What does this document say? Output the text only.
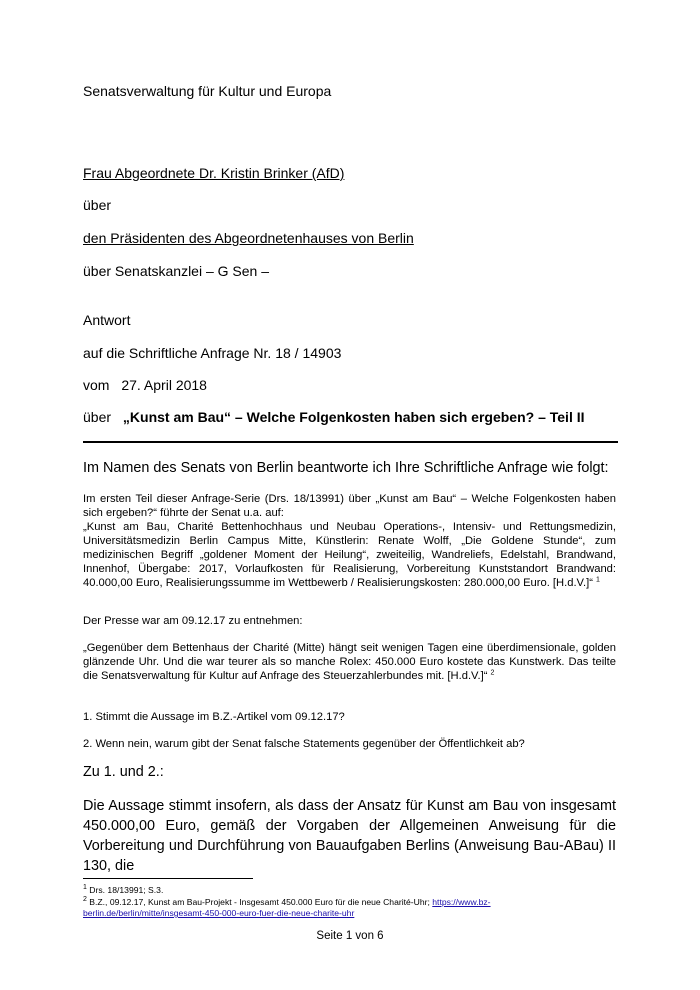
Senatsverwaltung für Kultur und Europa
Frau Abgeordnete Dr. Kristin Brinker (AfD)
über
den Präsidenten des Abgeordnetenhauses von Berlin
über Senatskanzlei – G Sen –
Antwort
auf die Schriftliche Anfrage Nr. 18 / 14903
vom 27. April 2018
über „Kunst am Bau“ – Welche Folgenkosten haben sich ergeben? – Teil II
Im Namen des Senats von Berlin beantworte ich Ihre Schriftliche Anfrage wie folgt:
Im ersten Teil dieser Anfrage-Serie (Drs. 18/13991) über „Kunst am Bau“ – Welche Folgenkosten haben sich ergeben?“ führte der Senat u.a. auf:
„Kunst am Bau, Charité Bettenhochhaus und Neubau Operations-, Intensiv- und Rettungsmedizin, Universitätsmedizin Berlin Campus Mitte, Künstlerin: Renate Wolff, „Die Goldene Stunde“, zum medizinischen Begriff „goldener Moment der Heilung“, zweiteilig, Wandreliefs, Edelstahl, Brandwand, Innenhof, Übergabe: 2017, Vorlaufkosten für Realisierung, Vorbereitung Kunststandort Brandwand: 40.000,00 Euro, Realisierungssumme im Wettbewerb / Realisierungskosten: 280.000,00 Euro. [H.d.V.]“ $^1$
Der Presse war am 09.12.17 zu entnehmen:
„Gegenüber dem Bettenhaus der Charité (Mitte) hängt seit wenigen Tagen eine überdimensionale, golden glänzende Uhr. Und die war teurer als so manche Rolex: 450.000 Euro kostete das Kunstwerk. Das teilte die Senatsverwaltung für Kultur auf Anfrage des Steuerzahlerbundes mit. [H.d.V.]“ $^2$
1. Stimmt die Aussage im B.Z.-Artikel vom 09.12.17?
2. Wenn nein, warum gibt der Senat falsche Statements gegenüber der Öffentlichkeit ab?
Zu 1. und 2.:
Die Aussage stimmt insofern, als dass der Ansatz für Kunst am Bau von insgesamt 450.000,00 Euro, gemäß der Vorgaben der Allgemeinen Anweisung für die Vorbereitung und Durchführung von Bauaufgaben Berlins (Anweisung Bau-ABau) II 130, die
$^1$ Drs. 18/13991; S.3.
$^2$ B.Z., 09.12.17, Kunst am Bau-Projekt - Insgesamt 450.000 Euro für die neue Charité-Uhr; https://www.bz-
berlin.de/berlin/mitte/insgesamt-450-000-euro-fuer-die-neue-charite-uhr
Seite 1 von 6
